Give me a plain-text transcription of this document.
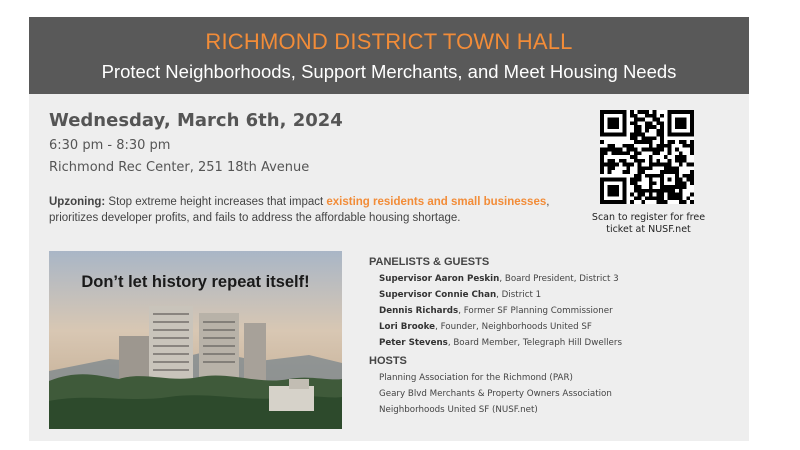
RICHMOND DISTRICT TOWN HALL
Protect Neighborhoods, Support Merchants, and Meet Housing Needs
Wednesday, March 6th, 2024
6:30 pm - 8:30 pm
Richmond Rec Center, 251 18th Avenue
Upzoning: Stop extreme height increases that impact existing residents and small businesses, prioritizes developer profits, and fails to address the affordable housing shortage.	Scan to register for free ticket at NUSF.net
Don’t let history repeat itself!
PANELISTS & GUESTS
Supervisor Aaron Peskin, Board President, District 3
Supervisor Connie Chan, District 1
Dennis Richards, Former SF Planning Commissioner
Lori Brooke, Founder, Neighborhoods United SF
Peter Stevens, Board Member, Telegraph Hill Dwellers
HOSTS
Planning Association for the Richmond (PAR)
Geary Blvd Merchants & Property Owners Association
Neighborhoods United SF (NUSF.net)
